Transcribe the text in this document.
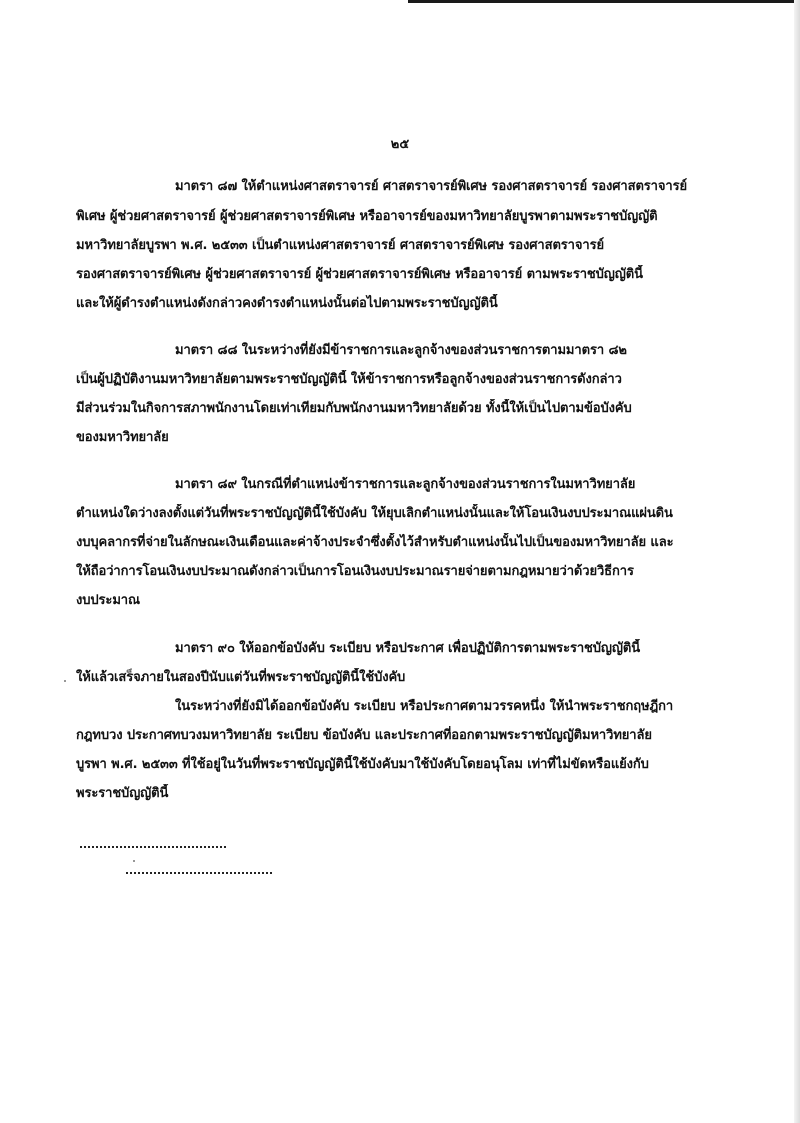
๒๕
มาตรา ๘๗ ให้ตำแหน่งศาสตราจารย์ ศาสตราจารย์พิเศษ รองศาสตราจารย์ รองศาสตราจารย์
พิเศษ ผู้ช่วยศาสตราจารย์ ผู้ช่วยศาสตราจารย์พิเศษ หรืออาจารย์ของมหาวิทยาลัยบูรพาตามพระราชบัญญัติ
มหาวิทยาลัยบูรพา พ.ศ. ๒๕๓๓ เป็นตำแหน่งศาสตราจารย์ ศาสตราจารย์พิเศษ รองศาสตราจารย์
รองศาสตราจารย์พิเศษ ผู้ช่วยศาสตราจารย์ ผู้ช่วยศาสตราจารย์พิเศษ หรืออาจารย์ ตามพระราชบัญญัตินี้
และให้ผู้ดำรงตำแหน่งดังกล่าวคงดำรงตำแหน่งนั้นต่อไปตามพระราชบัญญัตินี้
มาตรา ๘๘ ในระหว่างที่ยังมีข้าราชการและลูกจ้างของส่วนราชการตามมาตรา ๘๒
เป็นผู้ปฏิบัติงานมหาวิทยาลัยตามพระราชบัญญัตินี้ ให้ข้าราชการหรือลูกจ้างของส่วนราชการดังกล่าว
มีส่วนร่วมในกิจการสภาพนักงานโดยเท่าเทียมกับพนักงานมหาวิทยาลัยด้วย ทั้งนี้ให้เป็นไปตามข้อบังคับ
ของมหาวิทยาลัย
มาตรา ๘๙ ในกรณีที่ตำแหน่งข้าราชการและลูกจ้างของส่วนราชการในมหาวิทยาลัย
ตำแหน่งใดว่างลงตั้งแต่วันที่พระราชบัญญัตินี้ใช้บังคับ ให้ยุบเลิกตำแหน่งนั้นและให้โอนเงินงบประมาณแผ่นดิน
งบบุคลากรที่จ่ายในลักษณะเงินเดือนและค่าจ้างประจำซึ่งตั้งไว้สำหรับตำแหน่งนั้นไปเป็นของมหาวิทยาลัย และ
ให้ถือว่าการโอนเงินงบประมาณดังกล่าวเป็นการโอนเงินงบประมาณรายจ่ายตามกฎหมายว่าด้วยวิธีการ
งบประมาณ
มาตรา ๙๐ ให้ออกข้อบังคับ ระเบียบ หรือประกาศ เพื่อปฏิบัติการตามพระราชบัญญัตินี้
ให้แล้วเสร็จภายในสองปีนับแต่วันที่พระราชบัญญัตินี้ใช้บังคับ
ในระหว่างที่ยังมิได้ออกข้อบังคับ ระเบียบ หรือประกาศตามวรรคหนึ่ง ให้นำพระราชกฤษฎีกา
กฎทบวง ประกาศทบวงมหาวิทยาลัย ระเบียบ ข้อบังคับ และประกาศที่ออกตามพระราชบัญญัติมหาวิทยาลัย
บูรพา พ.ศ. ๒๕๓๓ ที่ใช้อยู่ในวันที่พระราชบัญญัตินี้ใช้บังคับมาใช้บังคับโดยอนุโลม เท่าที่ไม่ขัดหรือแย้งกับ
พระราชบัญญัตินี้
